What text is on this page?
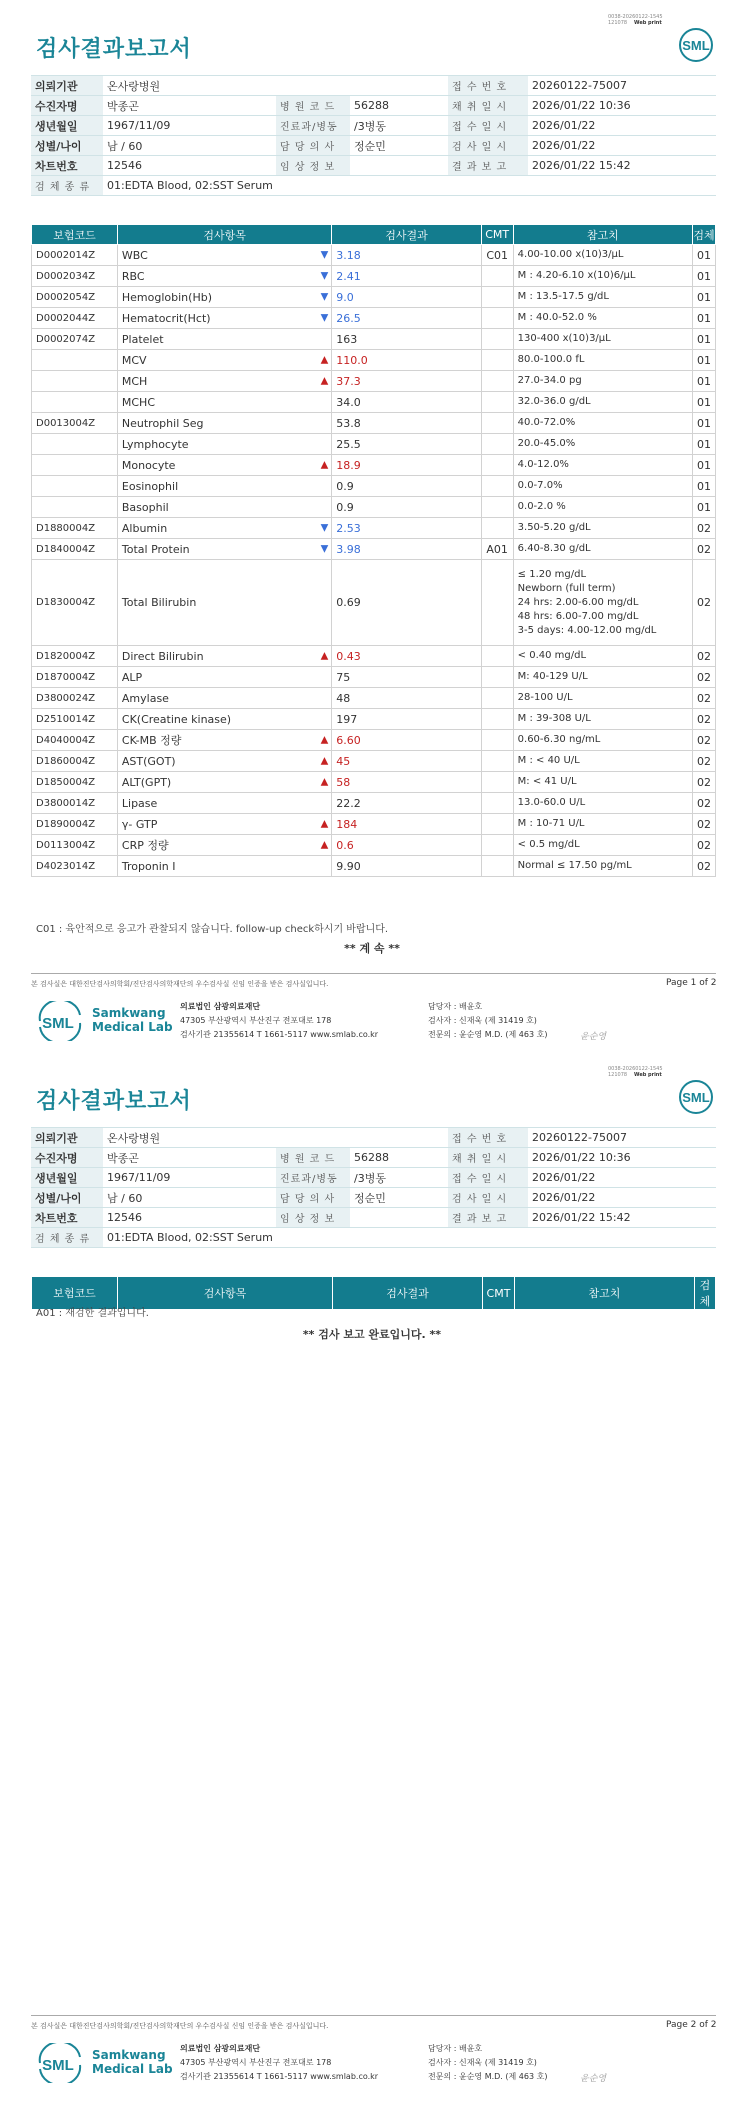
0038-20260122-1545
121078 Web print
검사결과보고서	SML
의뢰기관	온사랑병원			접 수 번 호	20260122-75007
수진자명	박종곤	병 원 코 드	56288	채 취 일 시	2026/01/22 10:36
생년월일	1967/11/09	진료과/병동	/3병동	접 수 일 시	2026/01/22
성별/나이	남 / 60	담 당 의 사	정순민	검 사 일 시	2026/01/22
차트번호	12546	임 상 정 보		결 과 보 고	2026/01/22 15:42
검 체 종 류	01:EDTA Blood, 02:SST Serum				
보험코드	검사항목	검사결과	CMT	참고치	검체
D0002014Z	WBC ▼	3.18	C01	4.00-10.00 x(10)3/μL	01
D0002034Z	RBC ▼	2.41		M : 4.20-6.10 x(10)6/μL	01
D0002054Z	Hemoglobin(Hb) ▼	9.0		M : 13.5-17.5 g/dL	01
D0002044Z	Hematocrit(Hct) ▼	26.5		M : 40.0-52.0 %	01
D0002074Z	Platelet	163		130-400 x(10)3/μL	01
	MCV ▲	110.0		80.0-100.0 fL	01
	MCH ▲	37.3		27.0-34.0 pg	01
	MCHC	34.0		32.0-36.0 g/dL	01
D0013004Z	Neutrophil Seg	53.8		40.0-72.0%	01
	Lymphocyte	25.5		20.0-45.0%	01
	Monocyte ▲	18.9		4.0-12.0%	01
	Eosinophil	0.9		0.0-7.0%	01
	Basophil	0.9		0.0-2.0 %	01
D1880004Z	Albumin ▼	2.53		3.50-5.20 g/dL	02
D1840004Z	Total Protein ▼	3.98	A01	6.40-8.30 g/dL	02
D1830004Z	Total Bilirubin	0.69		≤ 1.20 mg/dL
Newborn (full term)
24 hrs: 2.00-6.00 mg/dL
48 hrs: 6.00-7.00 mg/dL
3-5 days: 4.00-12.00 mg/dL	02
D1820004Z	Direct Bilirubin ▲	0.43		< 0.40 mg/dL	02
D1870004Z	ALP	75		M: 40-129 U/L	02
D3800024Z	Amylase	48		28-100 U/L	02
D2510014Z	CK(Creatine kinase)	197		M : 39-308 U/L	02
D4040004Z	CK-MB 정량 ▲	6.60		0.60-6.30 ng/mL	02
D1860004Z	AST(GOT) ▲	45		M : < 40 U/L	02
D1850004Z	ALT(GPT) ▲	58		M: < 41 U/L	02
D3800014Z	Lipase	22.2		13.0-60.0 U/L	02
D1890004Z	γ- GTP ▲	184		M : 10-71 U/L	02
D0113004Z	CRP 정량 ▲	0.6		< 0.5 mg/dL	02
D4023014Z	Troponin I	9.90		Normal ≤ 17.50 pg/mL	02
C01 : 육안적으로 응고가 관찰되지 않습니다. follow-up check하시기 바랍니다.
** 계 속 **
본 검사실은 대한진단검사의학회/진단검사의학재단의 우수검사실 신임 인증을 받은 검사실입니다.	Page 1 of 2
SML
Samkwang
Medical Lab
의료법인 삼광의료재단
47305 부산광역시 부산진구 전포대로 178
검사기관 21355614 T 1661-5117 www.smlab.co.kr
담당자 : 배윤호
검사자 : 신재욱 (제 31419 호)
전문의 : 윤순영 M.D. (제 463 호)	윤순영
0038-20260122-1545
121078 Web print
검사결과보고서	SML
의뢰기관	온사랑병원			접 수 번 호	20260122-75007
수진자명	박종곤	병 원 코 드	56288	채 취 일 시	2026/01/22 10:36
생년월일	1967/11/09	진료과/병동	/3병동	접 수 일 시	2026/01/22
성별/나이	남 / 60	담 당 의 사	정순민	검 사 일 시	2026/01/22
차트번호	12546	임 상 정 보		결 과 보 고	2026/01/22 15:42
검 체 종 류	01:EDTA Blood, 02:SST Serum				
보험코드	검사항목	검사결과	CMT	참고치	검체
A01 : 재검한 결과입니다.
** 검사 보고 완료입니다. **
본 검사실은 대한진단검사의학회/진단검사의학재단의 우수검사실 신임 인증을 받은 검사실입니다.	Page 2 of 2
SML
Samkwang
Medical Lab
의료법인 삼광의료재단
47305 부산광역시 부산진구 전포대로 178
검사기관 21355614 T 1661-5117 www.smlab.co.kr
담당자 : 배윤호
검사자 : 신재욱 (제 31419 호)
전문의 : 윤순영 M.D. (제 463 호)	윤순영
